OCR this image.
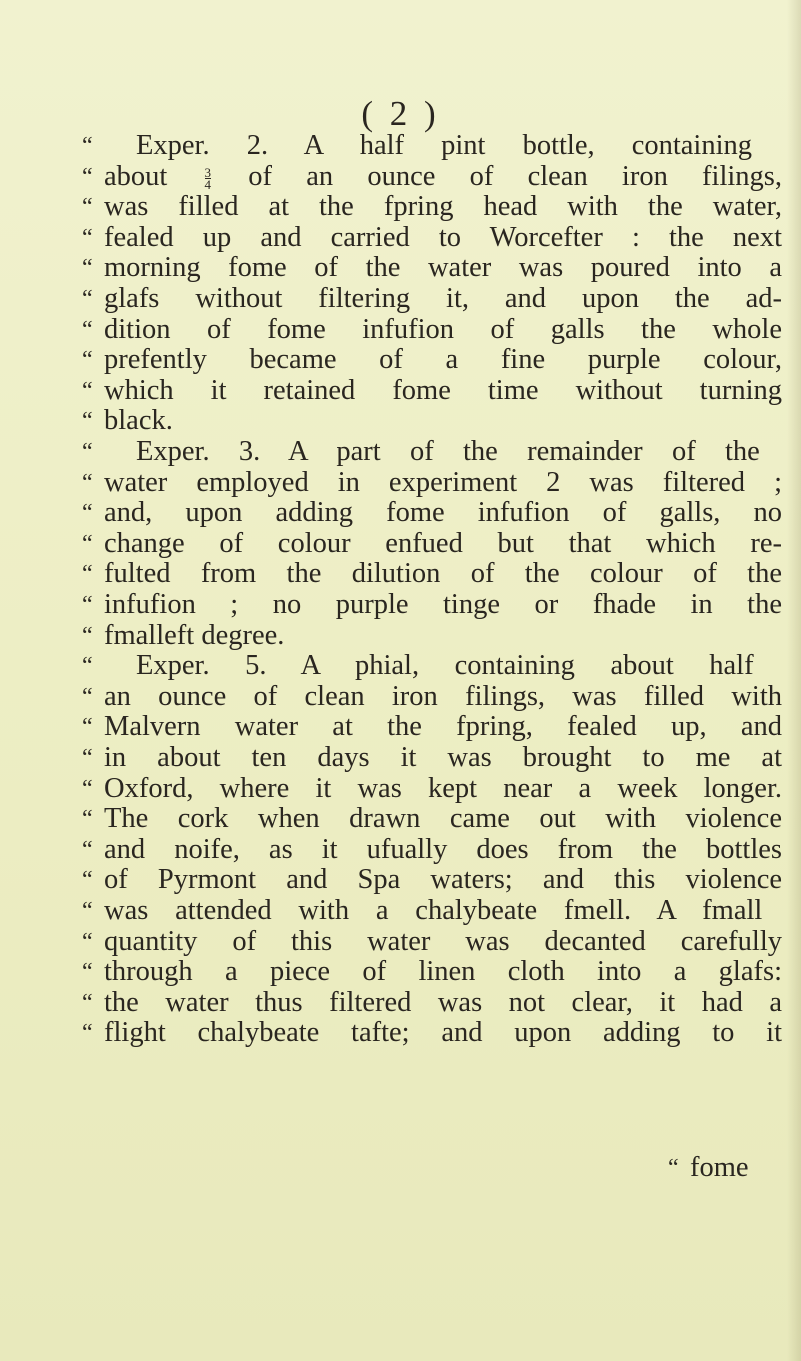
( 2 )
“ Exper. 2. A half pint bottle, containing
“ about	$\frac{3}{4}$ of an ounce of clean iron filings,
“ was filled at the fpring head with the water,
“ fealed up and carried to Worcefter : the next
“ morning fome of the water was poured into a
“ glafs without filtering it, and upon the ad-
“ dition of fome infufion of galls the whole
“ prefently became of a fine purple colour,
“ which it retained fome time without turning
“ black.
“ Exper. 3. A part of the remainder of the
“ water employed in experiment 2 was filtered ;
“ and, upon adding fome infufion of galls, no
“ change of colour enfued but that which re-
“ fulted from the dilution of the colour of the
“ infufion ; no purple tinge or fhade in the
“ fmalleft degree.
“ Exper. 5. A phial, containing about half
“ an ounce of clean iron filings, was filled with
“ Malvern water at the fpring, fealed up, and
“ in about ten days it was brought to me at
“ Oxford, where it was kept near a week longer.
“ The cork when drawn came out with violence
“ and noife, as it ufually does from the bottles
“ of Pyrmont and Spa waters; and this violence
“ was attended with a chalybeate fmell. A fmall
“ quantity of this water was decanted carefully
“ through a piece of linen cloth into a glafs:
“ the water thus filtered was not clear, it had a
“ flight chalybeate tafte; and upon adding to it
“ fome
